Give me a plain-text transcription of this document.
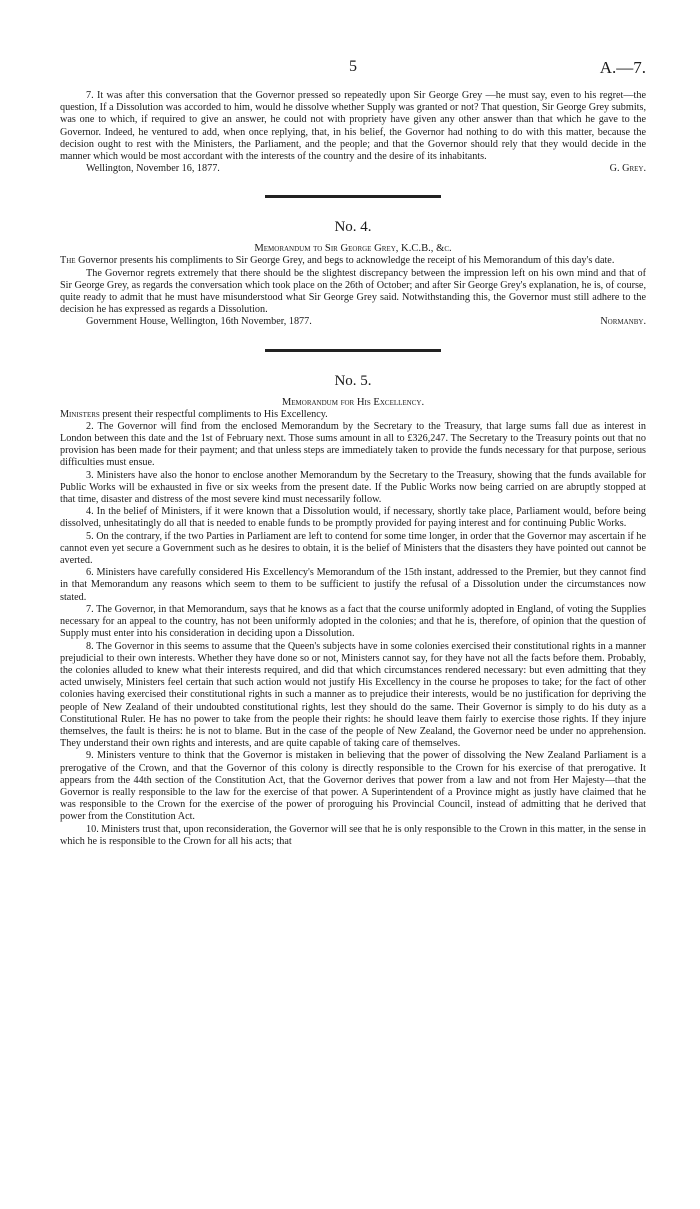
5	A.—7.

7. It was after this conversation that the Governor pressed so repeatedly upon Sir George Grey —he must say, even to his regret—the question, If a Dissolution was accorded to him, would he dissolve whether Supply was granted or not? That question, Sir George Grey submits, was one to which, if required to give an answer, he could not with propriety have given any other answer than that which he gave to the Governor. Indeed, he ventured to add, when once replying, that, in his belief, the Governor had nothing to do with this matter, because the decision ought to rest with the Ministers, the Parliament, and the people; and that the Governor should rely that they would decide in the manner which would be most accordant with the interests of the country and the desire of its inhabitants.

Wellington, November 16, 1877.	G. Grey.
No. 4.
Memorandum to Sir George Grey, K.C.B., &c.

The Governor presents his compliments to Sir George Grey, and begs to acknowledge the receipt of his Memorandum of this day's date.

The Governor regrets extremely that there should be the slightest discrepancy between the impression left on his own mind and that of Sir George Grey, as regards the conversation which took place on the 26th of October; and after Sir George Grey's explanation, he is, of course, quite ready to admit that he must have misunderstood what Sir George Grey said. Notwithstanding this, the Governor must still adhere to the decision he has expressed as regards a Dissolution.

Government House, Wellington, 16th November, 1877.	Normanby.
No. 5.
Memorandum for His Excellency.

Ministers present their respectful compliments to His Excellency.

2. The Governor will find from the enclosed Memorandum by the Secretary to the Treasury, that large sums fall due as interest in London between this date and the 1st of February next. Those sums amount in all to £326,247. The Secretary to the Treasury points out that no provision has been made for their payment; and that unless steps are immediately taken to provide the funds necessary for that purpose, serious difficulties must ensue.

3. Ministers have also the honor to enclose another Memorandum by the Secretary to the Treasury, showing that the funds available for Public Works will be exhausted in five or six weeks from the present date. If the Public Works now being carried on are abruptly stopped at that time, disaster and distress of the most severe kind must necessarily follow.

4. In the belief of Ministers, if it were known that a Dissolution would, if necessary, shortly take place, Parliament would, before being dissolved, unhesitatingly do all that is needed to enable funds to be promptly provided for paying interest and for continuing Public Works.

5. On the contrary, if the two Parties in Parliament are left to contend for some time longer, in order that the Governor may ascertain if he cannot even yet secure a Government such as he desires to obtain, it is the belief of Ministers that the disasters they have pointed out cannot be averted.

6. Ministers have carefully considered His Excellency's Memorandum of the 15th instant, addressed to the Premier, but they cannot find in that Memorandum any reasons which seem to them to be sufficient to justify the refusal of a Dissolution under the circumstances now stated.

7. The Governor, in that Memorandum, says that he knows as a fact that the course uniformly adopted in England, of voting the Supplies necessary for an appeal to the country, has not been uniformly adopted in the colonies; and that he is, therefore, of opinion that the question of Supply must enter into his consideration in deciding upon a Dissolution.

8. The Governor in this seems to assume that the Queen's subjects have in some colonies exercised their constitutional rights in a manner prejudicial to their own interests. Whether they have done so or not, Ministers cannot say, for they have not all the facts before them. Probably, the colonies alluded to knew what their interests required, and did that which circumstances rendered necessary: but even admitting that they acted unwisely, Ministers feel certain that such action would not justify His Excellency in the course he proposes to take; for the fact of other colonies having exercised their constitutional rights in such a manner as to prejudice their interests, would be no justification for depriving the people of New Zealand of their undoubted constitutional rights, lest they should do the same. Their Governor is simply to do his duty as a Constitutional Ruler. He has no power to take from the people their rights: he should leave them fairly to exercise those rights. If they injure themselves, the fault is theirs: he is not to blame. But in the case of the people of New Zealand, the Governor need be under no apprehension. They understand their own rights and interests, and are quite capable of taking care of themselves.

9. Ministers venture to think that the Governor is mistaken in believing that the power of dissolving the New Zealand Parliament is a prerogative of the Crown, and that the Governor of this colony is directly responsible to the Crown for his exercise of that prerogative. It appears from the 44th section of the Constitution Act, that the Governor derives that power from a law and not from Her Majesty—that the Governor is really responsible to the law for the exercise of that power. A Superintendent of a Province might as justly have claimed that he was responsible to the Crown for the exercise of the power of proroguing his Provincial Council, instead of admitting that he derived that power from the Constitution Act.

10. Ministers trust that, upon reconsideration, the Governor will see that he is only responsible to the Crown in this matter, in the sense in which he is responsible to the Crown for all his acts; that
